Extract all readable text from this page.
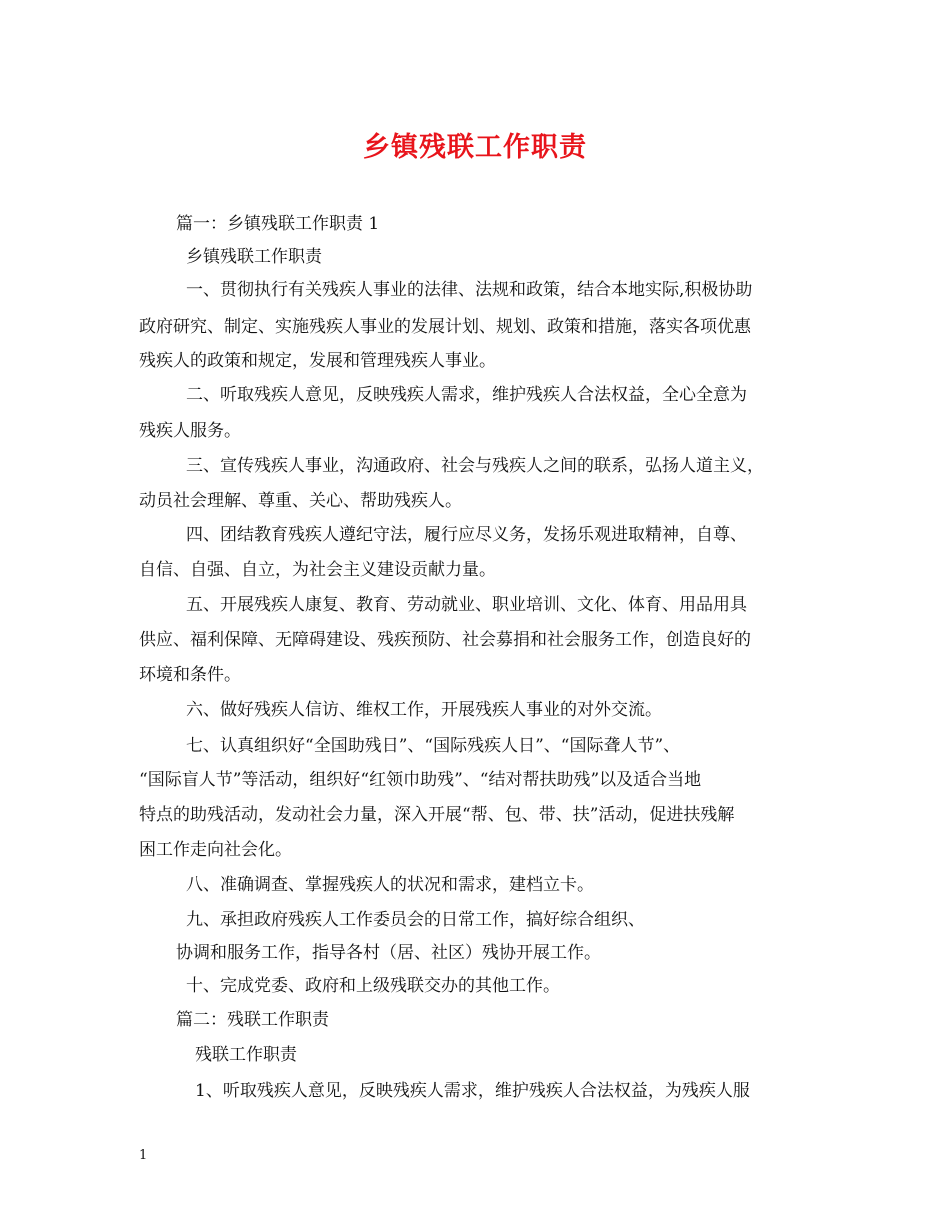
乡镇残联工作职责
篇一：乡镇残联工作职责 1
乡镇残联工作职责
一、贯彻执行有关残疾人事业的法律、法规和政策，结合本地实际,积极协助
政府研究、制定、实施残疾人事业的发展计划、规划、政策和措施，落实各项优惠
残疾人的政策和规定，发展和管理残疾人事业。
二、听取残疾人意见，反映残疾人需求，维护残疾人合法权益，全心全意为
残疾人服务。
三、宣传残疾人事业，沟通政府、社会与残疾人之间的联系，弘扬人道主义，
动员社会理解、尊重、关心、帮助残疾人。
四、团结教育残疾人遵纪守法，履行应尽义务，发扬乐观进取精神，自尊、
自信、自强、自立，为社会主义建设贡献力量。
五、开展残疾人康复、教育、劳动就业、职业培训、文化、体育、用品用具
供应、福利保障、无障碍建设、残疾预防、社会募捐和社会服务工作，创造良好的
环境和条件。
六、做好残疾人信访、维权工作，开展残疾人事业的对外交流。
七、认真组织好“全国助残日”、“国际残疾人日”、“国际聋人节”、
“国际盲人节”等活动，组织好“红领巾助残”、“结对帮扶助残”以及适合当地
特点的助残活动，发动社会力量，深入开展“帮、包、带、扶”活动，促进扶残解
困工作走向社会化。
八、准确调查、掌握残疾人的状况和需求，建档立卡。
九、承担政府残疾人工作委员会的日常工作，搞好综合组织、
协调和服务工作，指导各村（居、社区）残协开展工作。
十、完成党委、政府和上级残联交办的其他工作。
篇二：残联工作职责
残联工作职责
1、听取残疾人意见，反映残疾人需求，维护残疾人合法权益，为残疾人服
1
